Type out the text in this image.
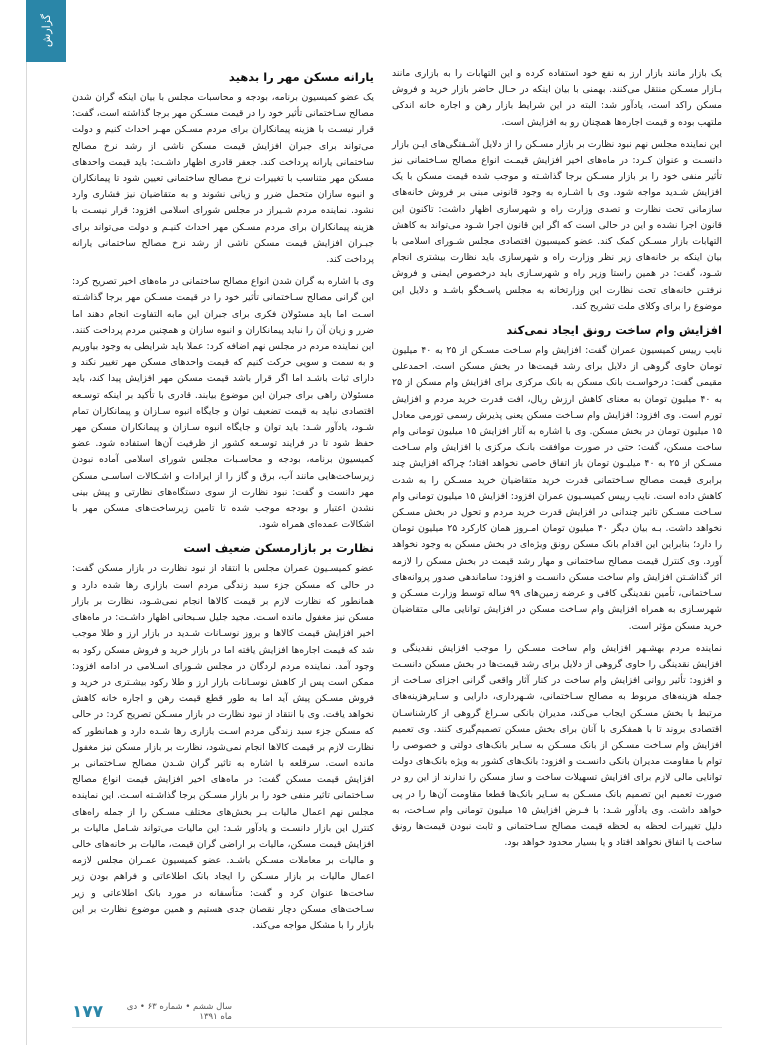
گزارش

یک بازار مانند بازار ارز به نفع خود استفاده کرده و این التهابات را به بازاری مانند بـازار مسـکن منتقل می‌کنند. بهمنی با بیان اینکه در حـال حاضر بازار خرید و فروش مسکن راکد است، یادآور شد: البته در این شرایط بازار رهن و اجاره خانه اندکی ملتهب بوده و قیمت اجاره‌ها همچنان رو به افزایش است.

این نماینده مجلس نهم نبود نظارت بر بازار مسـکن را از دلایل آشـفتگی‌های ایـن بازار دانسـت و عنوان کـرد: در ماه‌های اخیر افزایش قیمـت انواع مصالح سـاختمانی نیز تأثیر منفی خود را بر بازار مسـکن برجا گذاشـته و موجب شده قیمت مسکن با یک افزایش شـدید مواجه شود. وی با اشـاره به وجود قانونی مبنی بر فروش خانه‌های سازمانی تحت نظارت و تصدی وزارت راه و شهرسازی اظهار داشت: تاکنون این قانون اجرا نشده و این در حالی است که اگر این قانون اجرا شـود می‌تواند به کاهش التهابات بازار مسـکن کمک کند. عضو کمیسیون اقتصادی مجلس شـورای اسلامی با بیان اینکه بر خانه‌های زیر نظر وزارت راه و شهرسازی باید نظارت بیشتری انجام شـود، گفت: در همین راستا وزیر راه و شهرسـازی باید درخصوص ایمنی و فروش نرفتـن خانه‌های تحت نظارت این وزارتخانه به مجلس پاسـخگو باشـد و دلایل این موضوع را برای وکلای ملت تشریح کند.

افزایش وام ساخت رونق ایجاد نمی‌کند

نایب رییس کمیسیون عمران گفت: افزایش وام سـاخت مسـکن از ۲۵ به ۴۰ میلیون تومان حاوی گروهی از دلایل برای رشد قیمت‌ها در بخش مسکن است. احمدعلی مقیمی گفت: درخواسـت بانک مسکن به بانک مرکزی برای افزایش وام مسکن از ۲۵ به ۴۰ میلیون تومان به معنای کاهش ارزش ریال، افت قدرت خرید مردم و افزایش تورم است. وی افزود: افزایش وام سـاخت مسکن یعنی پذیرش رسمی تورمی معادل ۱۵ میلیون تومان در بخش مسکن. وی با اشاره به آثار افزایش ۱۵ میلیون تومانی وام ساخت مسکن، گفت: حتی در صورت موافقت بانـک مرکزی با افزایش وام سـاخت مسـکن از ۲۵ به ۴۰ میلیـون تومان باز اتفاق خاصی نخواهد افتاد؛ چراکه افزایش چند برابری قیمت مصالح سـاختمانی قدرت خرید متقاضیان خرید مسـکن را به شدت کاهش داده است. نایب رییس کمیسـیون عمران افزود: افزایش ۱۵ میلیون تومانی وام سـاخت مسـکن تاثیر چندانی در افزایش قدرت خرید مردم و تحول در بخش مسـکن نخواهد داشت. بـه بیان دیگر ۴۰ میلیون تومان امـروز همان کارکرد ۲۵ میلیون تومان را دارد؛ بنابراین این اقدام بانک مسکن رونق ویژه‌ای در بخش مسکن به وجود نخواهد آورد. وی کنترل قیمت مصالح ساختمانی و مهار رشد قیمت در بخش مسکن را لازمه اثر گذاشـتن افزایش وام ساخت مسکن دانسـت و افزود: ساماندهی صدور پروانه‌های سـاختمانی، تأمین نقدینگی کافی و عرضه زمین‌های ۹۹ ساله توسط وزارت مسـکن و شهرسـازی به همراه افزایش وام سـاخت مسکن در افزایش توانایی مالی متقاضیان خرید مسکن مؤثر است.

نماینده مردم بهشـهر افزایش وام ساخت مسـکن را موجب افزایش نقدینگی و افزایش نقدینگی را حاوی گروهی از دلایل برای رشد قیمت‌ها در بخش مسکن دانسـت و افزود: تأثیر روانی افزایش وام ساخت در کنار آثار واقعی گرانی اجزای سـاخت از جمله هزینه‌های مربوط به مصالح سـاختمانی، شـهرداری، دارایی و سـایرهزینه‌های مرتبط با بخش مسـکن ایجاب می‌کند، مدیران بانکی سـراغ گروهی از کارشناسـان اقتصادی بروند تا با همفکری با آنان برای بخش مسکن تصمیم‌گیری کنند. وی تعمیم افزایش وام سـاخت مسـکن از بانک مسـکن به سـایر بانک‌های دولتی و خصوصی را توام با مقاومت مدیران بانکی دانسـت و افزود: بانک‌های کشور به ویژه بانک‌های دولت توانایی مالی لازم برای افزایش تسهیلات ساخت و ساز مسکن را ندارند از این رو در صورت تعمیم این تصمیم بانک مسـکن به سـایر بانک‌ها قطعا مقاومت آن‌ها را در پی خواهد داشت. وی یادآور شـد: با فـرض افزایش ۱۵ میلیون تومانی وام سـاخت، به دلیل تغییرات لحظه به لحظه قیمت مصالح سـاختمانی و ثابت نبودن قیمت‌ها رونق ساخت یا اتفاق نخواهد افتاد و یا بسیار محدود خواهد بود.

یارانه مسکن مهر را بدهید

یک عضو کمیسیون برنامه، بودجه و محاسبات مجلس با بیان اینکه گران شدن مصالح سـاختمانی تأثیر خود را در قیمت مسـکن مهر برجا گذاشته است، گفت: قرار نیسـت با هزینه پیمانکاران برای مردم مسـکن مهـر احداث کنیم و دولت می‌تواند برای جبران افزایش قیمت مسکن ناشی از رشد نرخ مصالح ساختمانی یارانه پرداخت کند. جعفر قادری اظهار داشـت: باید قیمت واحدهای مسکن مهر متناسب با تغییرات نرخ مصالح ساختمانی تعیین شود تا پیمانکاران و انبوه سازان متحمل ضرر و زیانی نشوند و به متقاضیان نیز فشاری وارد نشود. نماینده مردم شـیراز در مجلس شورای اسلامی افزود: قرار نیسـت با هزینه پیمانکاران برای مردم مسـکن مهر احداث کنیـم و دولت می‌تواند برای جبـران افزایش قیمت مسکن ناشی از رشد نرخ مصالح ساختمانی یارانه پرداخت کند.

وی با اشاره به گران شدن انواع مصالح ساختمانی در ماه‌های اخیر تصریح کرد: این گرانی مصالح سـاختمانی تأثیر خود را در قیمت مسـکن مهر برجا گذاشـته اسـت اما باید مسئولان فکری برای جبران این مابه التفاوت انجام دهند اما ضرر و زیان آن را نباید پیمانکاران و انبوه سازان و همچنین مردم پرداخت کنند. این نماینده مردم در مجلس نهم اضافه کرد: عملا باید شرایطی به وجود بیاوریم و به سمت و سویی حرکت کنیم که قیمت واحدهای مسکن مهر تغییر نکند و دارای ثبات باشـد اما اگر قرار باشد قیمت مسکن مهر افزایش پیدا کند، باید مسئولان راهی برای جبران این موضوع بیابند. قادری با تأکید بر اینکه توسـعه اقتصادی نباید به قیمت تضعیف توان و جایگاه انبوه سـازان و پیمانکاران تمام شـود، یادآور شـد: باید توان و جایگاه انبوه سـازان و پیمانکاران مسکن مهر حفظ شود تا در فرایند توسـعه کشور از ظرفیت آن‌ها استفاده شود. عضو کمیسیون برنامه، بودجه و محاسـبات مجلس شورای اسلامی آماده نبودن زیرساخت‌هایی مانند آب، برق و گاز را از ایرادات و اشـکالات اساسـی مسکن مهر دانست و گفت: نبود نظارت از سوی دستگاه‌های نظارتی و پیش بینی نشدن اعتبار و بودجه موجب شده تا تامین زیرساخت‌های مسکن مهر با اشکالات عمده‌ای همراه شود.

نظارت بر بازارمسکن ضعیف است

عضو کمیسـیون عمران مجلس با انتقاد از نبود نظارت در بازار مسکن گفت: در حالی که مسکن جزء سبد زندگی مردم است بازاری رها شده دارد و همانطور که نظارت لازم بر قیمت کالاها انجام نمی‌شـود، نظارت بر بازار مسکن نیز مغفول مانده اسـت. مجید جلیل سـبحانی اظهار داشـت: در ماه‌های اخیر افزایش قیمت کالاها و بروز نوسـانات شـدید در بازار ارز و طلا موجب شد که قیمت اجاره‌ها افزایش یافته اما در بازار خرید و فروش مسکن رکود به وجود آمد. نماینده مردم لردگان در مجلس شـورای اسـلامی در ادامه افزود: ممکن است پس از کاهش نوسـانات بازار ارز و طلا رکود بیشـتری در خرید و فروش مسـکن پیش آید اما به طور قطع قیمت رهن و اجاره خانه کاهش نخواهد یافت. وی با انتقاد از نبود نظارت در بازار مسـکن تصریح کرد: در حالی که مسکن جزء سبد زندگی مردم اسـت بازاری رها شـده دارد و همانطور که نظارت لازم بر قیمت کالاها انجام نمی‌شود، نظارت بر بازار مسکن نیز مغفول مانده است. سرقلعه با اشاره به تاثیر گران شـدن مصالح سـاختمانی بر افزایش قیمت مسکن گفت: در ماه‌های اخیر افزایش قیمت انواع مصالح سـاختمانی تاثیر منفی خود را بر بازار مسـکن برجا گذاشـته اسـت. این نماینده مجلس نهم اعمال مالیات بـر بخش‌های مختلف مسـکن را از جمله راه‌های کنترل این بازار دانسـت و یادآور شـد: این مالیات می‌تواند شـامل مالیات بر افزایش قیمت مسکن، مالیات بر اراضی گران قیمت، مالیات بر خانه‌های خالی و مالیات بر معاملات مسـکن باشـد. عضو کمیسیون عمـران مجلس لازمه اعمال مالیات بر بازار مسـکن را ایجاد بانک اطلاعاتی و فراهم بودن زیر ساخت‌ها عنوان کرد و گفت: متأسفانه در مورد بانک اطلاعاتی و زیر سـاخت‌های مسکن دچار نقصان جدی هستیم و همین موضوع نظارت بر این بازار را با مشکل مواجه می‌کند.

۱۷۷	سال ششم • شماره ۶۳ • دی ماه ۱۳۹۱
